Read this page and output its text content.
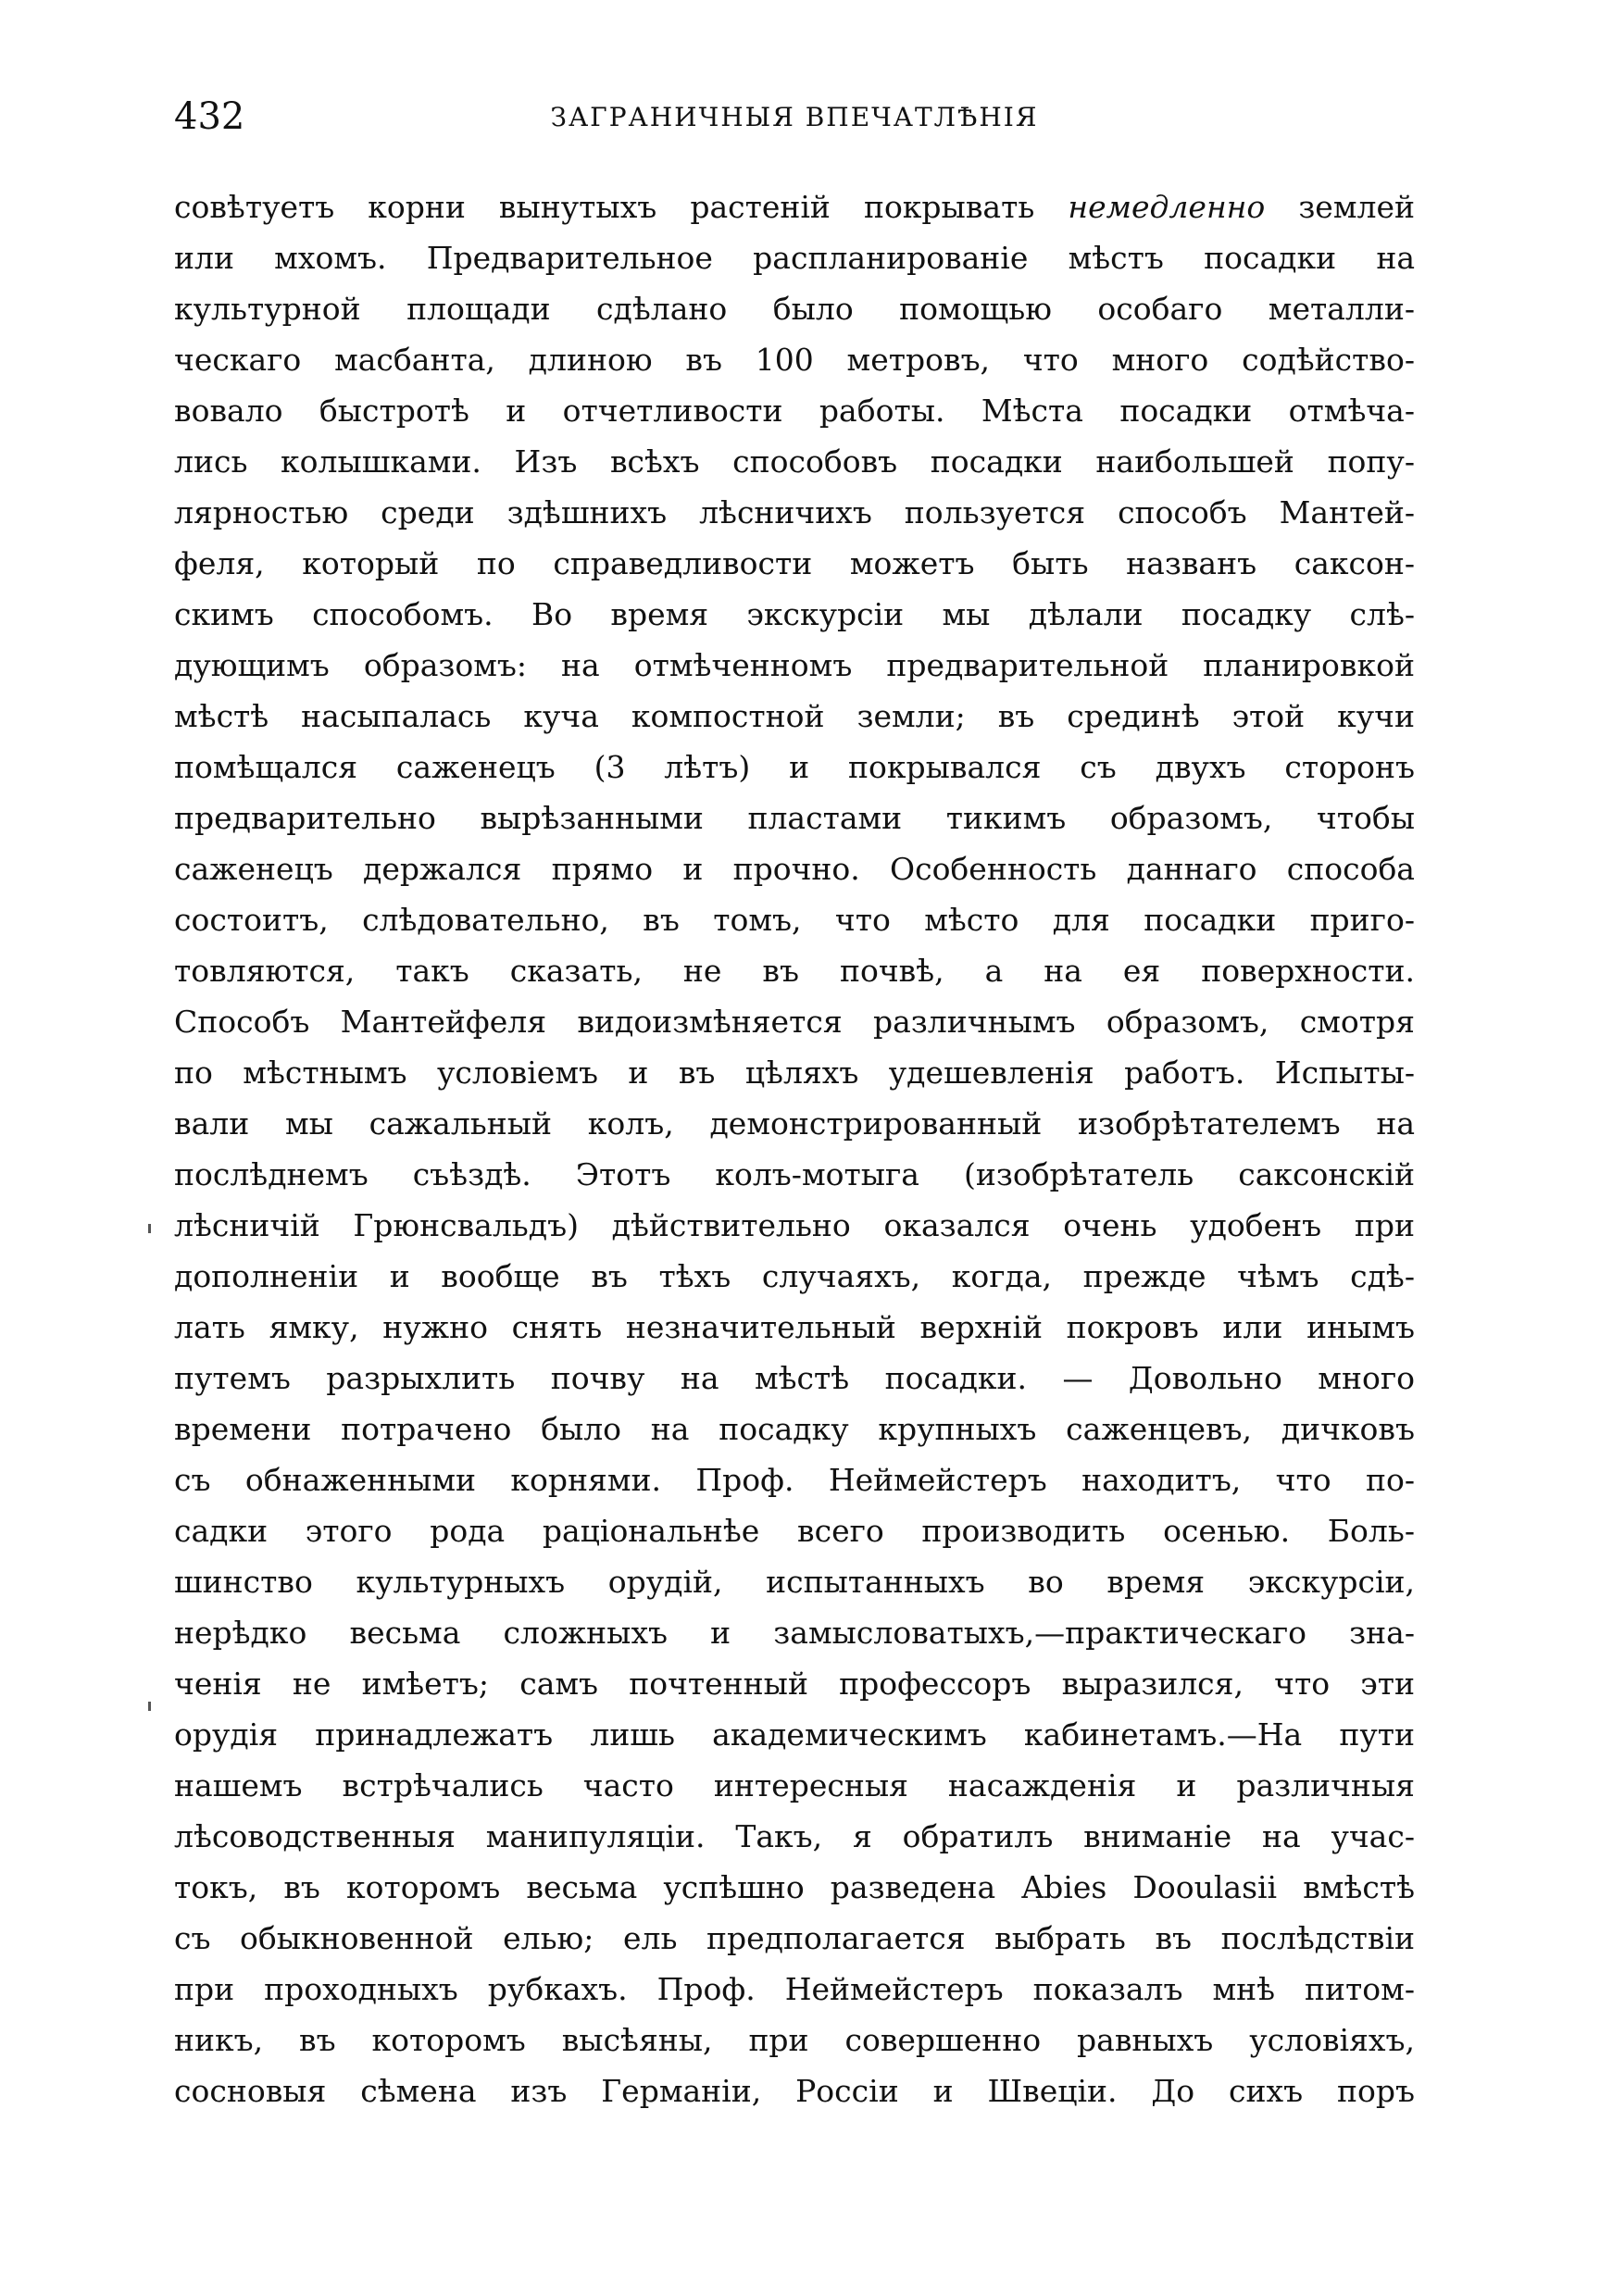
432	ЗАГРАНИЧНЫЯ ВПЕЧАТЛѢНІЯ
совѣтуетъ корни вынутыхъ растеній покрывать немедленно землей
или мхомъ. Предварительное распланированіе мѣстъ посадки на
культурной площади сдѣлано было помощью особаго металли-
ческаго масбанта, длиною въ 100 метровъ, что много содѣйство-
вовало быстротѣ и отчетливости работы. Мѣста посадки отмѣча-
лись колышками. Изъ всѣхъ способовъ посадки наибольшей попу-
лярностью среди здѣшнихъ лѣсничихъ пользуется способъ Мантей-
феля, который по справедливости можетъ быть названъ саксон-
скимъ способомъ. Во время экскурсіи мы дѣлали посадку слѣ-
дующимъ образомъ: на отмѣченномъ предварительной планировкой
мѣстѣ насыпалась куча компостной земли; въ срединѣ этой кучи
помѣщался саженецъ (3 лѣтъ) и покрывался съ двухъ сторонъ
предварительно вырѣзанными пластами тикимъ образомъ, чтобы
саженецъ держался прямо и прочно. Особенность даннаго способа
состоитъ, слѣдовательно, въ томъ, что мѣсто для посадки приго-
товляются, такъ сказать, не въ почвѣ, а на ея поверхности.
Способъ Мантейфеля видоизмѣняется различнымъ образомъ, смотря
по мѣстнымъ условіемъ и въ цѣляхъ удешевленія работъ. Испыты-
вали мы сажальный колъ, демонстрированный изобрѣтателемъ на
послѣднемъ съѣздѣ. Этотъ колъ-мотыга (изобрѣтатель саксонскій
лѣсничій Грюнсвальдъ) дѣйствительно оказался очень удобенъ при
дополненіи и вообще въ тѣхъ случаяхъ, когда, прежде чѣмъ сдѣ-
лать ямку, нужно снять незначительный верхній покровъ или инымъ
путемъ разрыхлить почву на мѣстѣ посадки. — Довольно много
времени потрачено было на посадку крупныхъ саженцевъ, дичковъ
съ обнаженными корнями. Проф. Неймейстеръ находитъ, что по-
садки этого рода раціональнѣе всего производить осенью. Боль-
шинство культурныхъ орудій, испытанныхъ во время экскурсіи,
нерѣдко весьма сложныхъ и замысловатыхъ,—практическаго зна-
ченія не имѣетъ; самъ почтенный профессоръ выразился, что эти
орудія принадлежатъ лишь академическимъ кабинетамъ.—На пути
нашемъ встрѣчались часто интересныя насажденія и различныя
лѣсоводственныя манипуляціи. Такъ, я обратилъ вниманіе на учас-
токъ, въ которомъ весьма успѣшно разведена Abies Dooulasii вмѣстѣ
съ обыкновенной елью; ель предполагается выбрать въ послѣдствіи
при проходныхъ рубкахъ. Проф. Неймейстеръ показалъ мнѣ питом-
никъ, въ которомъ высѣяны, при совершенно равныхъ условіяхъ,
сосновыя сѣмена изъ Германіи, Россіи и Швеціи. До сихъ поръ
